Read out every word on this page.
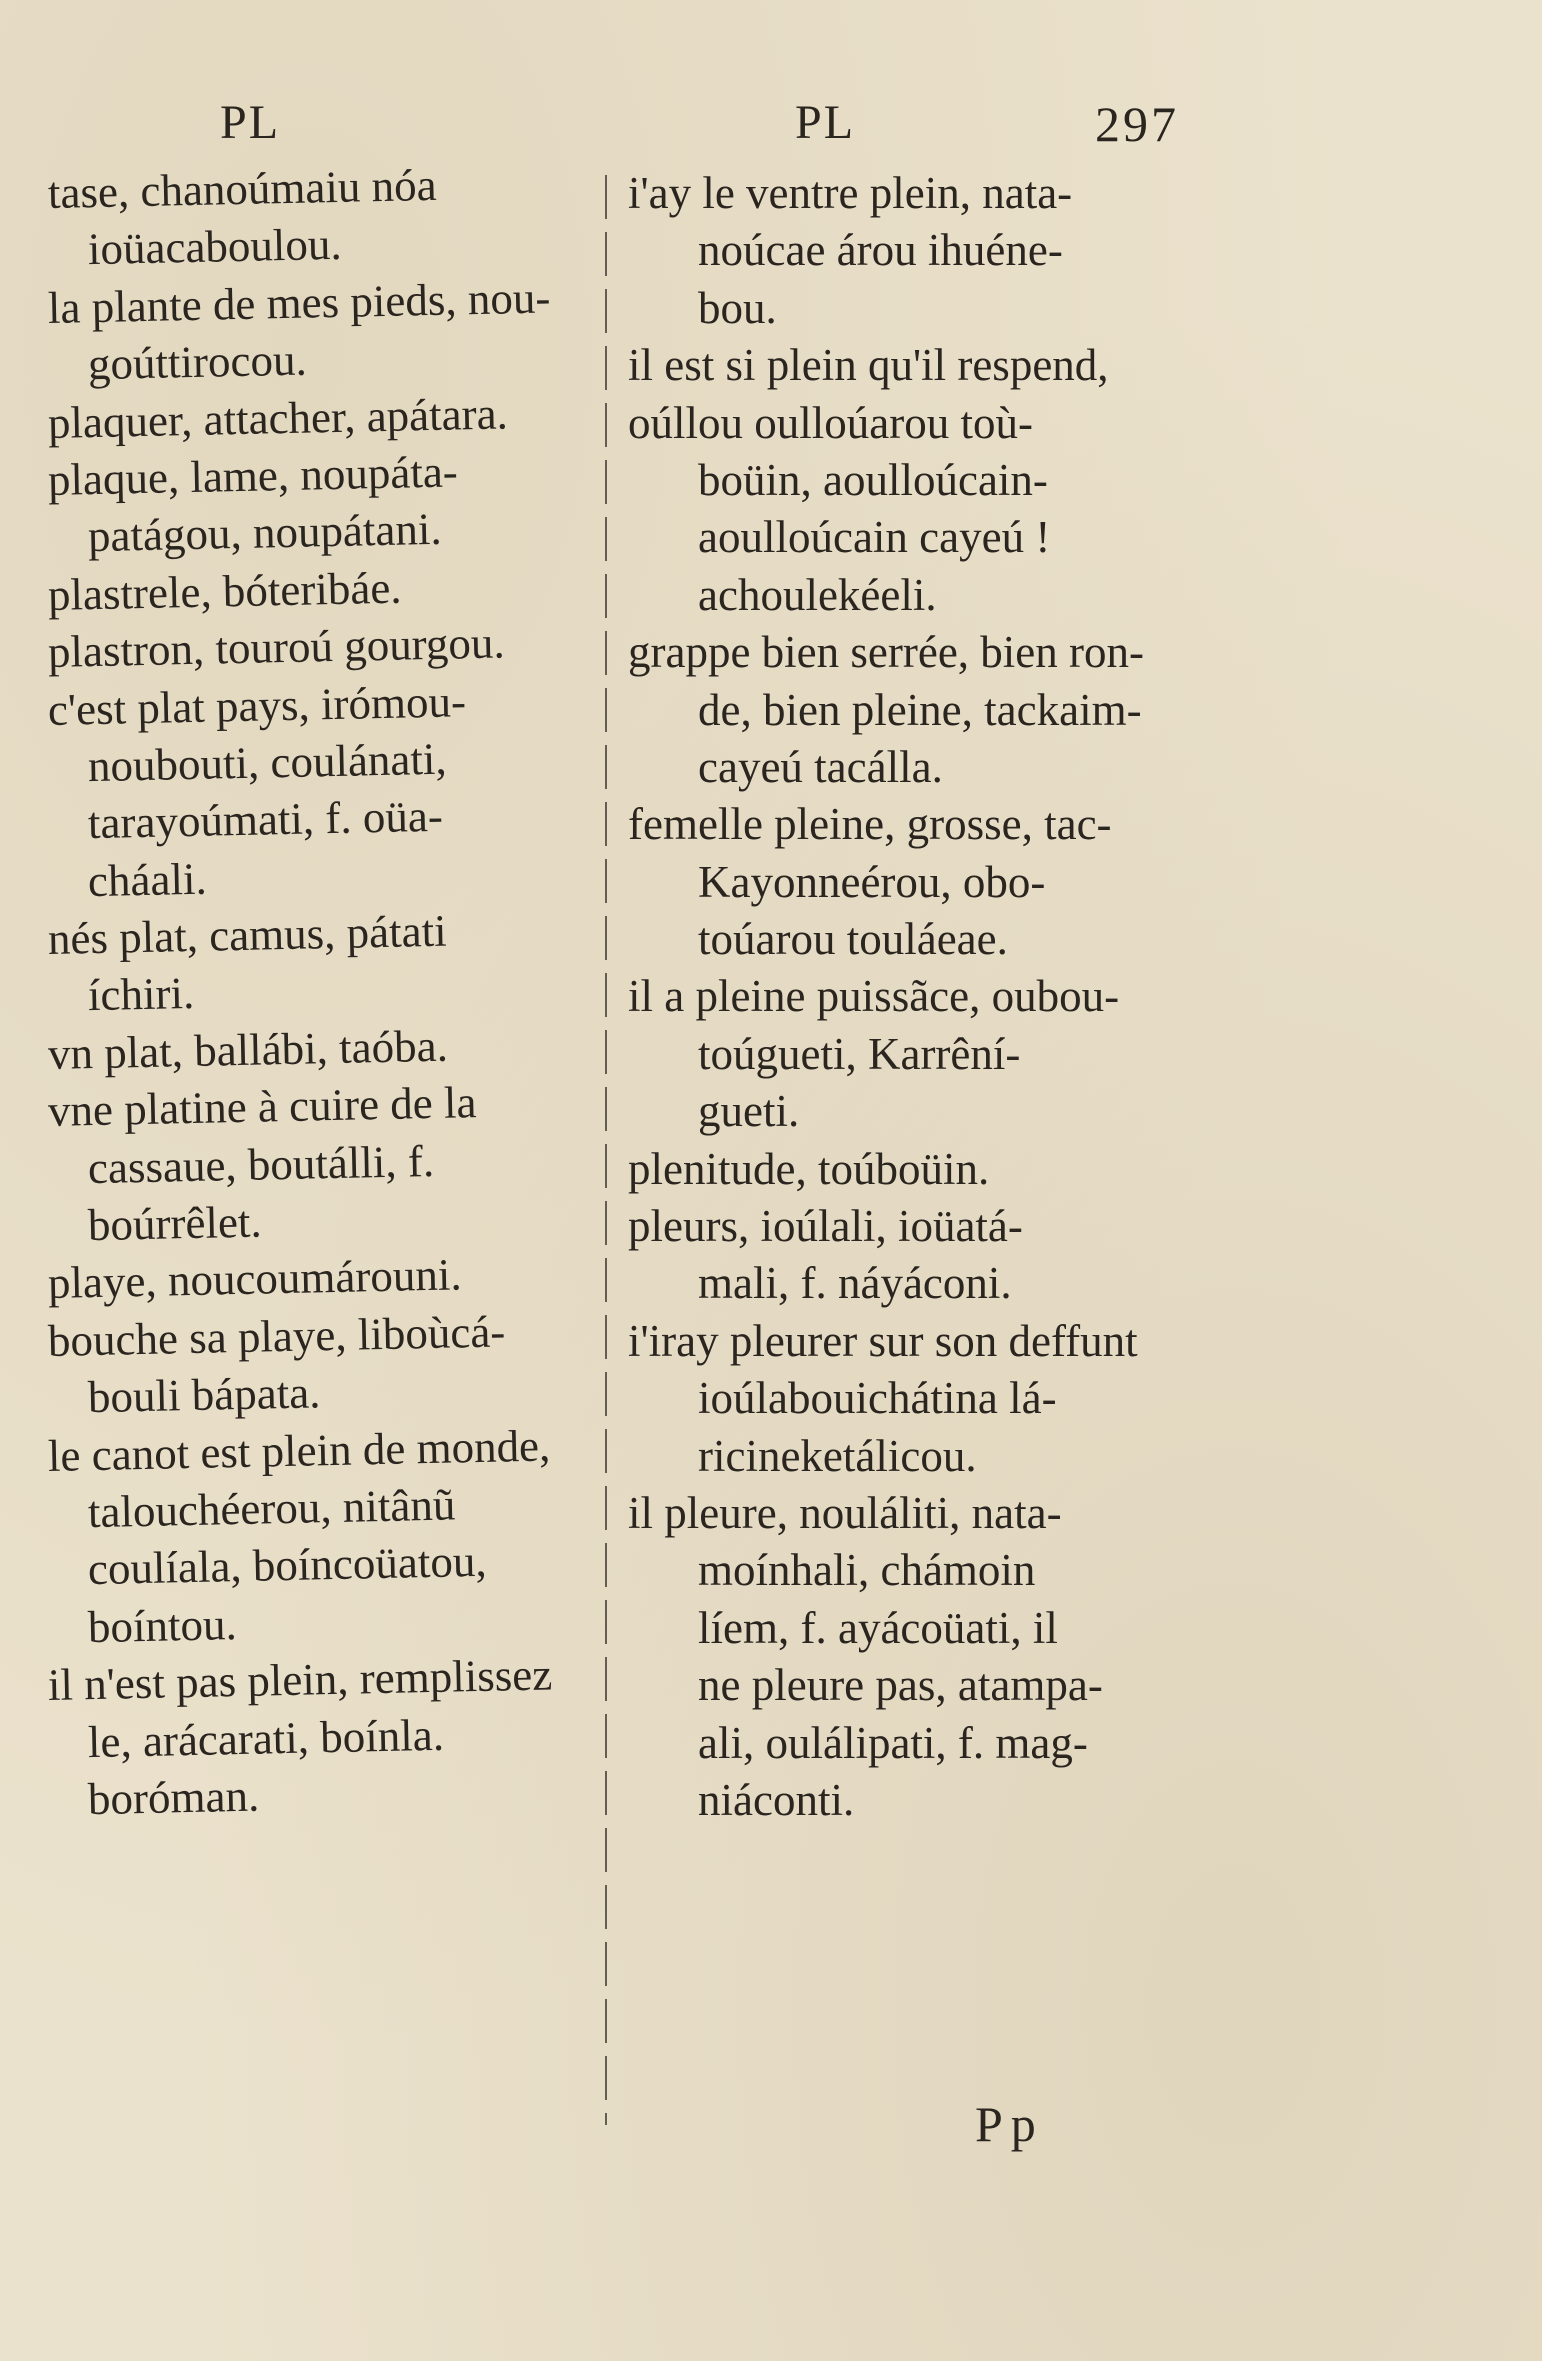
PL	PL	297
tase, chanoúmaiu nóa
ioüacaboulou.
la plante de mes pieds, nou-
goúttirocou.
plaquer, attacher, apátara.
plaque, lame, noupáta-
patágou, noupátani.
plastrele, bóteribáe.
plastron, touroú gourgou.
c'est plat pays, irómou-
noubouti, coulánati,
tarayoúmati, f. oüa-
cháali.
nés plat, camus, pátati
íchiri.
vn plat, ballábi, taóba.
vne platine à cuire de la
cassaue, boutálli, f.
boúrrêlet.
playe, noucoumárouni.
bouche sa playe, liboùcá-
bouli bápata.
le canot est plein de monde,
talouchéerou, nitânũ
coulíala, boíncoüatou,
boíntou.
il n'est pas plein, remplissez
le, arácarati, boínla.
boróman.
i'ay le ventre plein, nata-
noúcae árou ihuéne-
bou.
il est si plein qu'il respend,
oúllou oulloúarou toù-
boüin, aoulloúcain-
aoulloúcain cayeú !
achoulekéeli.
grappe bien serrée, bien ron-
de, bien pleine, tackaim-
cayeú tacálla.
femelle pleine, grosse, tac-
Kayonneérou, obo-
toúarou touláeae.
il a pleine puissãce, oubou-
toúgueti, Karrêní-
gueti.
plenitude, toúboüin.
pleurs, ioúlali, ioüatá-
mali, f. náyáconi.
i'iray pleurer sur son deffunt
ioúlabouichátina lá-
ricineketálicou.
il pleure, nouláliti, nata-
moínhali, chámoin
líem, f. ayácoüati, il
ne pleure pas, atampa-
ali, oulálipati, f. mag-
niáconti.
Pp
